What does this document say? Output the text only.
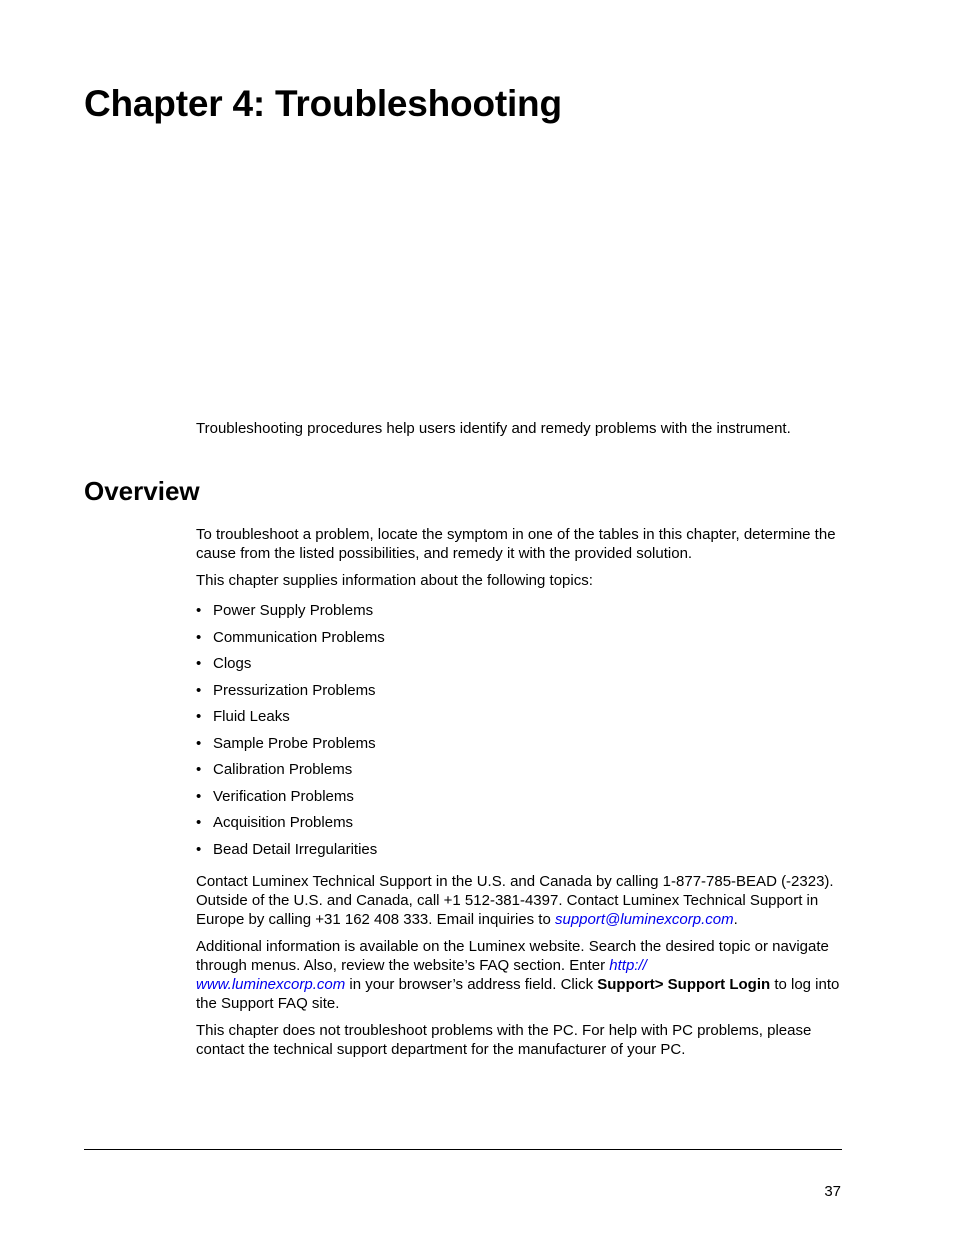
Chapter 4: Troubleshooting

Troubleshooting procedures help users identify and remedy problems with the instrument.

Overview

To troubleshoot a problem, locate the symptom in one of the tables in this chapter, determine the cause from the listed possibilities, and remedy it with the provided solution.

This chapter supplies information about the following topics:

• Power Supply Problems
• Communication Problems
• Clogs
• Pressurization Problems
• Fluid Leaks
• Sample Probe Problems
• Calibration Problems
• Verification Problems
• Acquisition Problems
• Bead Detail Irregularities

Contact Luminex Technical Support in the U.S. and Canada by calling 1-877-785-BEAD (-2323). Outside of the U.S. and Canada, call +1 512-381-4397. Contact Luminex Technical Support in Europe by calling +31 162 408 333. Email inquiries to support@luminexcorp.com.

Additional information is available on the Luminex website. Search the desired topic or navigate through menus. Also, review the website’s FAQ section. Enter http://
www.luminexcorp.com in your browser’s address field. Click Support> Support Login to log into the Support FAQ site.

This chapter does not troubleshoot problems with the PC. For help with PC problems, please contact the technical support department for the manufacturer of your PC.

37
